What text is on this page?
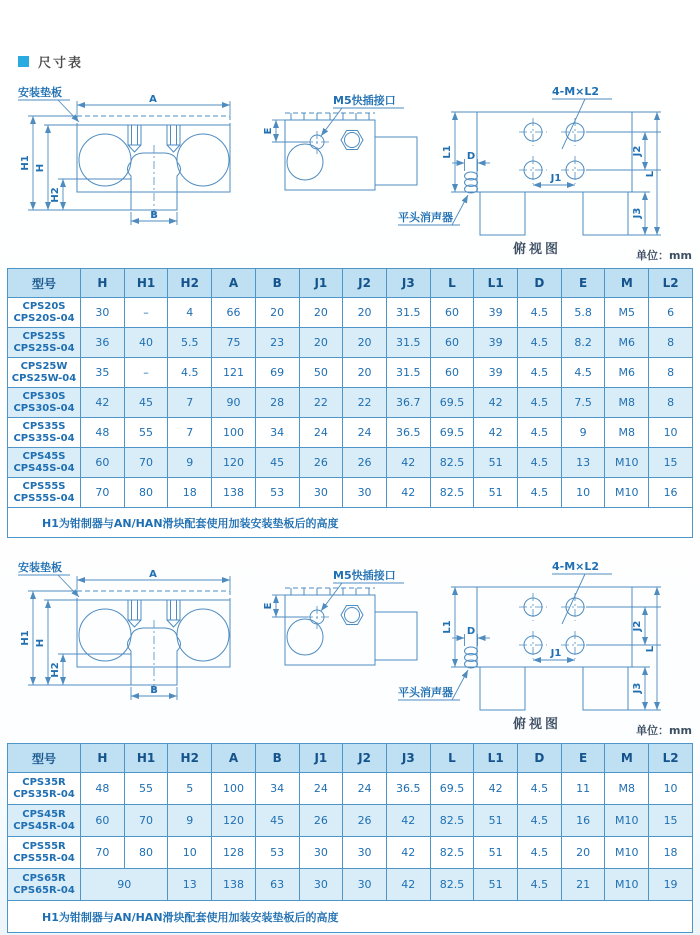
尺寸表
A
B
H1 H
H2
安装垫板
E
M5快插接口
D
L1
J1
J2
L
J3
4-M×L2
平头消声器
俯视图	单位：mm
A
B
H1 H
H2
安装垫板
E
M5快插接口
D
L1
J1
J2
L
J3
4-M×L2
平头消声器
俯视图	单位：mm
型号	H	H1	H2	A	B	J1	J2	J3	L	L1	D	E	M	L2

CPS20S
CPS20S-04	30	–	4	66	20	20	20	31.5	60	39	4.5	5.8	M5	6

CPS25S
CPS25S-04	36	40	5.5	75	23	20	20	31.5	60	39	4.5	8.2	M6	8

CPS25W
CPS25W-04	35	–	4.5	121	69	50	20	31.5	60	39	4.5	4.5	M6	8

CPS30S
CPS30S-04	42	45	7	90	28	22	22	36.7	69.5	42	4.5	7.5	M8	8

CPS35S
CPS35S-04	48	55	7	100	34	24	24	36.5	69.5	42	4.5	9	M8	10

CPS45S
CPS45S-04	60	70	9	120	45	26	26	42	82.5	51	4.5	13	M10	15

CPS55S
CPS55S-04	70	80	18	138	53	30	30	42	82.5	51	4.5	10	M10	16
H1为钳制器与AN/HAN滑块配套使用加装安装垫板后的高度														
型号	H	H1	H2	A	B	J1	J2	J3	L	L1	D	E	M	L2

CPS35R
CPS35R-04	48	55	5	100	34	24	24	36.5	69.5	42	4.5	11	M8	10

CPS45R
CPS45R-04	60	70	9	120	45	26	26	42	82.5	51	4.5	16	M10	15

CPS55R
CPS55R-04	70	80	10	128	53	30	30	42	82.5	51	4.5	20	M10	18

CPS65R
CPS65R-04	90		13	138	63	30	30	42	82.5	51	4.5	21	M10	19
H1为钳制器与AN/HAN滑块配套使用加装安装垫板后的高度														
